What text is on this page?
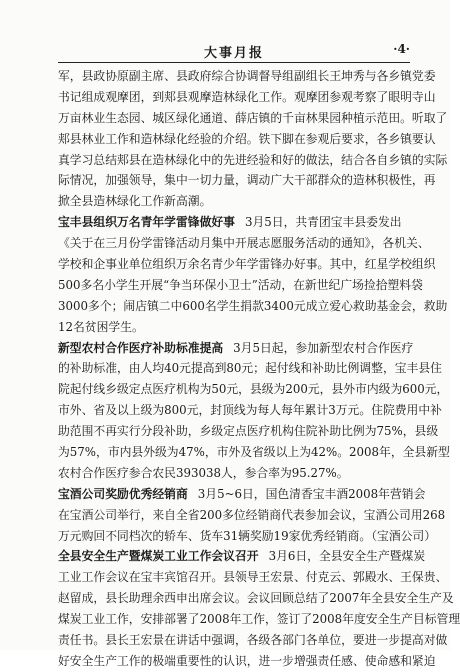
大事月报	·4·
军，县政协原副主席、县政府综合协调督导组副组长王坤秀与各乡镇党委
书记组成观摩团，到郏县观摩造林绿化工作。观摩团参观考察了眼明寺山
万亩林业生态园、城区绿化通道、薛店镇的千亩林果园种植示范田。听取了
郏县林业工作和造林绿化经验的介绍。铁下脚在参观后要求，各乡镇要认
真学习总结郏县在造林绿化中的先进经验和好的做法，结合各自乡镇的实际
际情况，加强领导，集中一切力量，调动广大干部群众的造林积极性，再
掀全县造林绿化工作新高潮。
宝丰县组织万名青年学雷锋做好事 3月5日，共青团宝丰县委发出
《关于在三月份学雷锋活动月集中开展志愿服务活动的通知》，各机关、
学校和企事业单位组织万余名青少年学雷锋办好事。其中，红星学校组织
500多名小学生开展“争当环保小卫士”活动，在新世纪广场捡拾塑料袋
3000多个；闹店镇二中600名学生捐款3400元成立爱心救助基金会，救助
12名贫困学生。
新型农村合作医疗补助标准提高 3月5日起，参加新型农村合作医疗
的补助标准，由人均40元提高到80元；起付线和补助比例调整，宝丰县住
院起付线乡级定点医疗机构为50元，县级为200元，县外市内级为600元，
市外、省及以上级为800元，封顶线为每人每年累计3万元。住院费用中补
助范围不再实行分段补助，乡级定点医疗机构住院补助比例为75%，县级
为57%，市内县外级为47%，市外及省级以上为42%。2008年，全县新型
农村合作医疗参合农民393038人，参合率为95.27%。
宝酒公司奖励优秀经销商 3月5~6日，国色清香宝丰酒2008年营销会
在宝酒公司举行，来自全省200多位经销商代表参加会议，宝酒公司用268
万元购回不同档次的轿车、货车31辆奖励19家优秀经销商。（宝酒公司）
全县安全生产暨煤炭工业工作会议召开 3月6日，全县安全生产暨煤炭
工业工作会议在宝丰宾馆召开。县领导王宏景、付克云、郭殿水、王保贵、
赵留成，县长助理余西申出席会议。会议回顾总结了2007年全县安全生产及
煤炭工业工作，安排部署了2008年工作，签订了2008年度安全生产目标管理
责任书。县长王宏景在讲话中强调，各级各部门各单位，要进一步提高对做
好安全生产工作的极端重要性的认识，进一步增强责任感、使命感和紧迫
